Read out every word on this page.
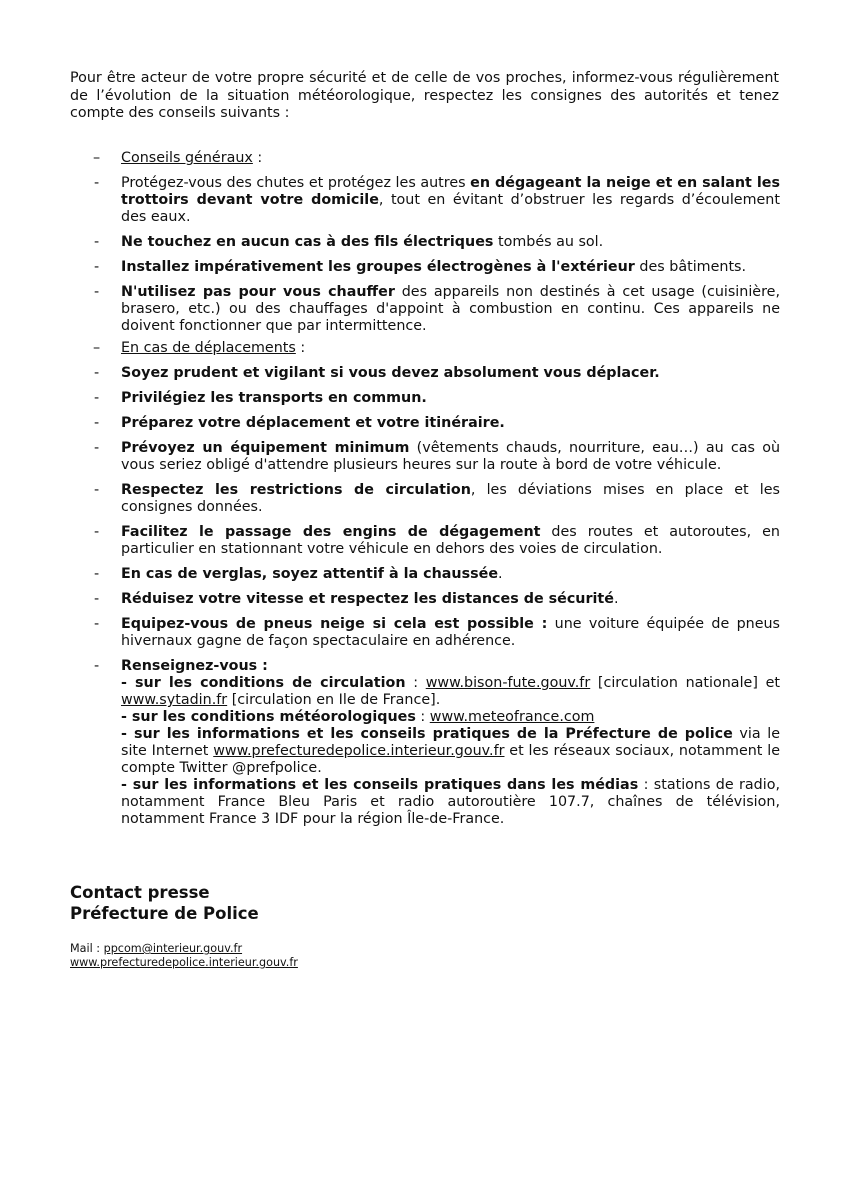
Pour être acteur de votre propre sécurité et de celle de vos proches, informez-vous régulièrement de l’évolution de la situation météorologique, respectez les consignes des autorités et tenez compte des conseils suivants :

– Conseils généraux :
- Protégez-vous des chutes et protégez les autres en dégageant la neige et en salant les trottoirs devant votre domicile, tout en évitant d’obstruer les regards d’écoulement des eaux.
- Ne touchez en aucun cas à des fils électriques tombés au sol.
- Installez impérativement les groupes électrogènes à l'extérieur des bâtiments.
- N'utilisez pas pour vous chauffer des appareils non destinés à cet usage (cuisinière, brasero, etc.) ou des chauffages d'appoint à combustion en continu. Ces appareils ne doivent fonctionner que par intermittence.
– En cas de déplacements :
- Soyez prudent et vigilant si vous devez absolument vous déplacer.
- Privilégiez les transports en commun.
- Préparez votre déplacement et votre itinéraire.
- Prévoyez un équipement minimum (vêtements chauds, nourriture, eau…) au cas où vous seriez obligé d'attendre plusieurs heures sur la route à bord de votre véhicule.
- Respectez les restrictions de circulation, les déviations mises en place et les consignes données.
- Facilitez le passage des engins de dégagement des routes et autoroutes, en particulier en stationnant votre véhicule en dehors des voies de circulation.
- En cas de verglas, soyez attentif à la chaussée.
- Réduisez votre vitesse et respectez les distances de sécurité.
- Equipez-vous de pneus neige si cela est possible : une voiture équipée de pneus hivernaux gagne de façon spectaculaire en adhérence.
- Renseignez-vous :
- sur les conditions de circulation : www.bison-fute.gouv.fr [circulation nationale] et www.sytadin.fr [circulation en Ile de France].
- sur les conditions météorologiques : www.meteofrance.com
- sur les informations et les conseils pratiques de la Préfecture de police via le site Internet www.prefecturedepolice.interieur.gouv.fr et les réseaux sociaux, notamment le compte Twitter @prefpolice.
- sur les informations et les conseils pratiques dans les médias : stations de radio, notamment France Bleu Paris et radio autoroutière 107.7, chaînes de télévision, notamment France 3 IDF pour la région Île-de-France.
Contact presse
Préfecture de Police
Mail : ppcom@interieur.gouv.fr
www.prefecturedepolice.interieur.gouv.fr
